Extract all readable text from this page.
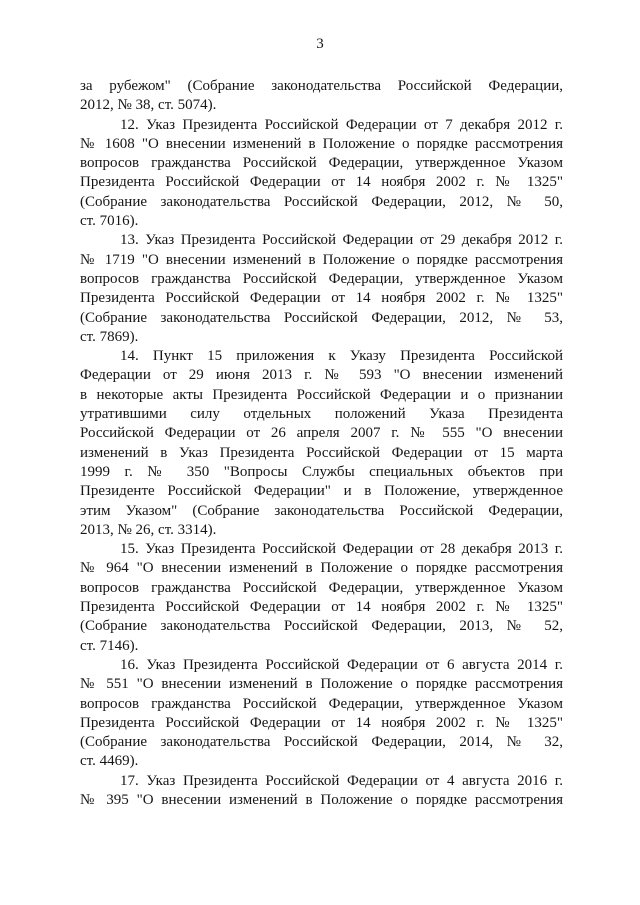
3
за рубежом" (Собрание законодательства Российской Федерации,
2012, № 38, ст. 5074).
12. Указ Президента Российской Федерации от 7 декабря 2012 г.
№ 1608 "О внесении изменений в Положение о порядке рассмотрения
вопросов гражданства Российской Федерации, утвержденное Указом
Президента Российской Федерации от 14 ноября 2002 г. № 1325"
(Собрание законодательства Российской Федерации, 2012, № 50,
ст. 7016).
13. Указ Президента Российской Федерации от 29 декабря 2012 г.
№ 1719 "О внесении изменений в Положение о порядке рассмотрения
вопросов гражданства Российской Федерации, утвержденное Указом
Президента Российской Федерации от 14 ноября 2002 г. № 1325"
(Собрание законодательства Российской Федерации, 2012, № 53,
ст. 7869).
14. Пункт 15 приложения к Указу Президента Российской
Федерации от 29 июня 2013 г. № 593 "О внесении изменений
в некоторые акты Президента Российской Федерации и о признании
утратившими силу отдельных положений Указа Президента
Российской Федерации от 26 апреля 2007 г. № 555 "О внесении
изменений в Указ Президента Российской Федерации от 15 марта
1999 г. № 350 "Вопросы Службы специальных объектов при
Президенте Российской Федерации" и в Положение, утвержденное
этим Указом" (Собрание законодательства Российской Федерации,
2013, № 26, ст. 3314).
15. Указ Президента Российской Федерации от 28 декабря 2013 г.
№ 964 "О внесении изменений в Положение о порядке рассмотрения
вопросов гражданства Российской Федерации, утвержденное Указом
Президента Российской Федерации от 14 ноября 2002 г. № 1325"
(Собрание законодательства Российской Федерации, 2013, № 52,
ст. 7146).
16. Указ Президента Российской Федерации от 6 августа 2014 г.
№ 551 "О внесении изменений в Положение о порядке рассмотрения
вопросов гражданства Российской Федерации, утвержденное Указом
Президента Российской Федерации от 14 ноября 2002 г. № 1325"
(Собрание законодательства Российской Федерации, 2014, № 32,
ст. 4469).
17. Указ Президента Российской Федерации от 4 августа 2016 г.
№ 395 "О внесении изменений в Положение о порядке рассмотрения
